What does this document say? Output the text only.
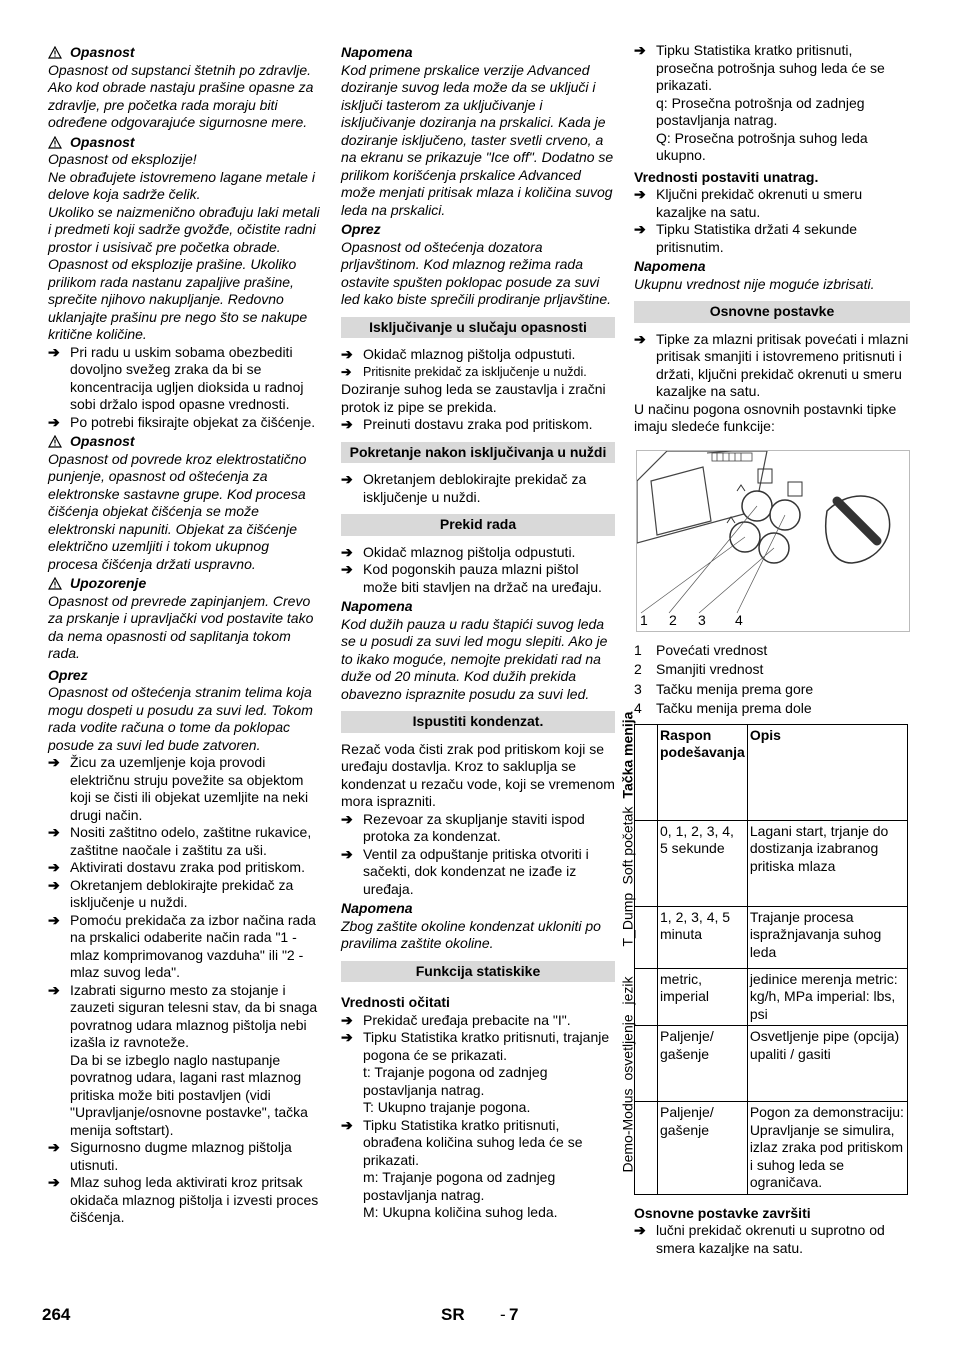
Opasnost

Opasnost od supstanci štetnih po zdravlje. Ako kod obrade nastaju prašine opasne za zdravlje, pre početka rada moraju biti određene odgovarajuće sigurnosne mere.

Opasnost

Opasnost od eksplozije!

Ne obrađujete istovremeno lagane metale i delove koja sadrže čelik.

Ukoliko se naizmenično obrađuju laki metali i predmeti koji sadrže gvožđe, očistite radni prostor i usisivač pre početka obrade.

Opasnost od eksplozije prašine. Ukoliko prilikom rada nastanu zapaljive prašine, sprečite njihovo nakupljanje. Redovno uklanjajte prašinu pre nego što se nakupe kritične količine.

➔ Pri radu u uskim sobama obezbediti dovoljno svežeg zraka da bi se koncentracija ugljen dioksida u radnoj sobi držalo ispod opasne vrednosti.
➔ Po potrebi fiksirajte objekat za čišćenje.
Opasnost

Opasnost od povrede kroz elektrostatično punjenje, opasnost od oštećenja za elektronske sastavne grupe. Kod procesa čišćenja objekat čišćenja se može elektronski napuniti. Objekat za čišćenje električno uzemljiti i tokom ukupnog procesa čišćenja držati uspravno.

Upozorenje

Opasnost od prevrede zapinjanjem. Crevo za prskanje i upravljački vod postavite tako da nema opasnosti od saplitanja tokom rada.

Oprez

Opasnost od oštećenja stranim telima koja mogu dospeti u posudu za suvi led. Tokom rada vodite računa o tome da poklopac posude za suvi led bude zatvoren.

➔ Žicu za uzemljenje koja provodi električnu struju povežite sa objektom koji se čisti ili objekat uzemljite na neki drugi način.
➔ Nositi zaštitno odelo, zaštitne rukavice, zaštitne naočale i zaštitu za uši.
➔ Aktivirati dostavu zraka pod pritiskom.
➔ Okretanjem deblokirajte prekidač za isključenje u nuždi.
➔ Pomoću prekidača za izbor načina rada na prskalici odaberite način rada "1 - mlaz komprimovanog vazduha" ili "2 - mlaz suvog leda".
➔ Izabrati sigurno mesto za stojanje i zauzeti siguran telesni stav, da bi snaga povratnog udara mlaznog pištolja nebi izašla iz ravnoteže.

Da bi se izbeglo naglo nastupanje povratnog udara, lagani rast mlaznog pritiska može biti postavljen (vidi "Upravljanje/osnovne postavke", tačka menija softstart).

➔ Sigurnosno dugme mlaznog pištolja utisnuti.
➔ Mlaz suhog leda aktivirati kroz pritsak okidača mlaznog pištolja i izvesti proces čišćenja.
Napomena

Kod primene prskalice verzije Advanced doziranje suvog leda može da se uključi i isključi tasterom za uključivanje i isključivanje doziranja na prskalici. Kada je doziranje isključeno, taster svetli crveno, a na ekranu se prikazuje "Ice off". Dodatno se prilikom korišćenja prskalice Advanced može menjati pritisak mlaza i količina suvog leda na prskalici.

Oprez

Opasnost od oštećenja dozatora prljavštinom. Kod mlaznog režima rada ostavite spušten poklopac posude za suvi led kako biste sprečili prodiranje prljavštine.

Isključivanje u slučaju opasnosti
➔ Okidač mlaznog pištolja odpustuti.
➔ Pritisnite prekidač za isključenje u nuždi.

Doziranje suhog leda se zaustavlja i zračni protok iz pipe se prekida.

➔ Preinuti dostavu zraka pod pritiskom.
Pokretanje nakon isključivanja u nuždi
➔ Okretanjem deblokirajte prekidač za isključenje u nuždi.
Prekid rada
➔ Okidač mlaznog pištolja odpustuti.
➔ Kod pogonskih pauza mlazni pištol može biti stavljen na držač na uređaju.
Napomena

Kod dužih pauza u radu štapići suvog leda se u posudi za suvi led mogu slepiti. Ako je to ikako moguće, nemojte prekidati rad na duže od 20 minuta. Kod dužih prekida obavezno ispraznite posudu za suvi led.

Ispustiti kondenzat.

Rezač voda čisti zrak pod pritiskom koji se uređaju dostavlja. Kroz to sakluplja se kondenzat u rezaču vode, koji se vremenom mora isprazniti.

➔ Rezevoar za skupljanje staviti ispod protoka za kondenzat.
➔ Ventil za odpuštanje pritiska otvoriti i sačekti, dok kondenzat ne izađe iz uređaja.
Napomena

Zbog zaštite okoline kondenzat ukloniti po pravilima zaštite okoline.

Funkcija statiskike
Vrednosti očitati
➔ Prekidač uređaja prebacite na "I".
➔ Tipku Statistika kratko pritisnuti, trajanje pogona će se prikazati.

t: Trajanje pogona od zadnjeg postavljanja natrag.

T: Ukupno trajanje pogona.

➔ Tipku Statistika kratko pritisnuti, obrađena količina suhog leda će se prikazati.

m: Trajanje pogona od zadnjeg postavljanja natrag.

M: Ukupna količina suhog leda.

➔ Tipku Statistika kratko pritisnuti, prosečna potrošnja suhog leda će se prikazati.

q: Prosečna potrošnja od zadnjeg postavljanja natrag.

Q: Prosečna potrošnja suhog leda ukupno.

Vrednosti postaviti unatrag.
➔ Ključni prekidač okrenuti u smeru kazaljke na satu.
➔ Tipku Statistika držati 4 sekunde pritisnutim.
Napomena

Ukupnu vrednost nije moguće izbrisati.

Osnovne postavke
➔ Tipke za mlazni pritisak povećati i mlazni pritisak smanjiti i istovremeno pritisnuti i držati, ključni prekidač okrenuti u smeru kazaljke na satu.

U načinu pogona osnovnih postavnki tipke imaju sledeće funkcije:

1 2 3 4
1	Povećati vrednost
2	Smanjiti vrednost
3	Tačku menija prema gore
4	Tačku menija prema dole
Tačka menija	Raspon podešavanja	Opis

Soft početak	0, 1, 2, 3, 4, 5 sekunde	Lagani start, trjanje do dostizanja izabranog pritiska mlaza

T_Dump	1, 2, 3, 4, 5 minuta	Trajanje procesa ispražnjavanja suhog leda

jezik	metric, imperial	jedinice merenja metric: kg/h, MPa imperial: lbs, psi

osvetljenje	Paljenje/ gašenje	Osvetljenje pipe (opcija) upaliti / gasiti

Demo-Modus	Paljenje/ gašenje	Pogon za demonstraciju: Upravljanje se simulira, izlaz zraka pod pritiskom i suhog leda se ograničava.
Osnovne postavke završiti
➔ lučni prekidač okrenuti u suprotno od smera kazaljke na satu.
264	SR - 7
